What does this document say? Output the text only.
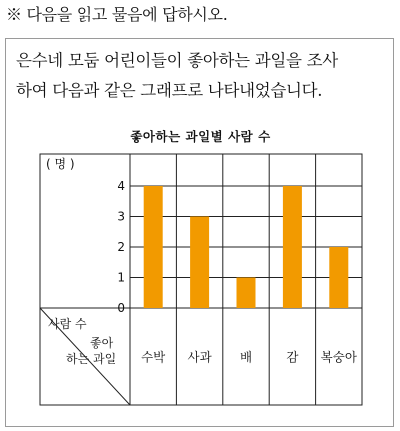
※ 다음을 읽고 물음에 답하시오.
은수네 모둠 어린이들이 좋아하는 과일을 조사
하여 다음과 같은 그래프로 나타내었습니다.
좋아하는 과일별 사람 수
( 명 )
0
1
2
3
4
수박 사과 배	감 복숭아
사람 수
좋아
하는 과일
